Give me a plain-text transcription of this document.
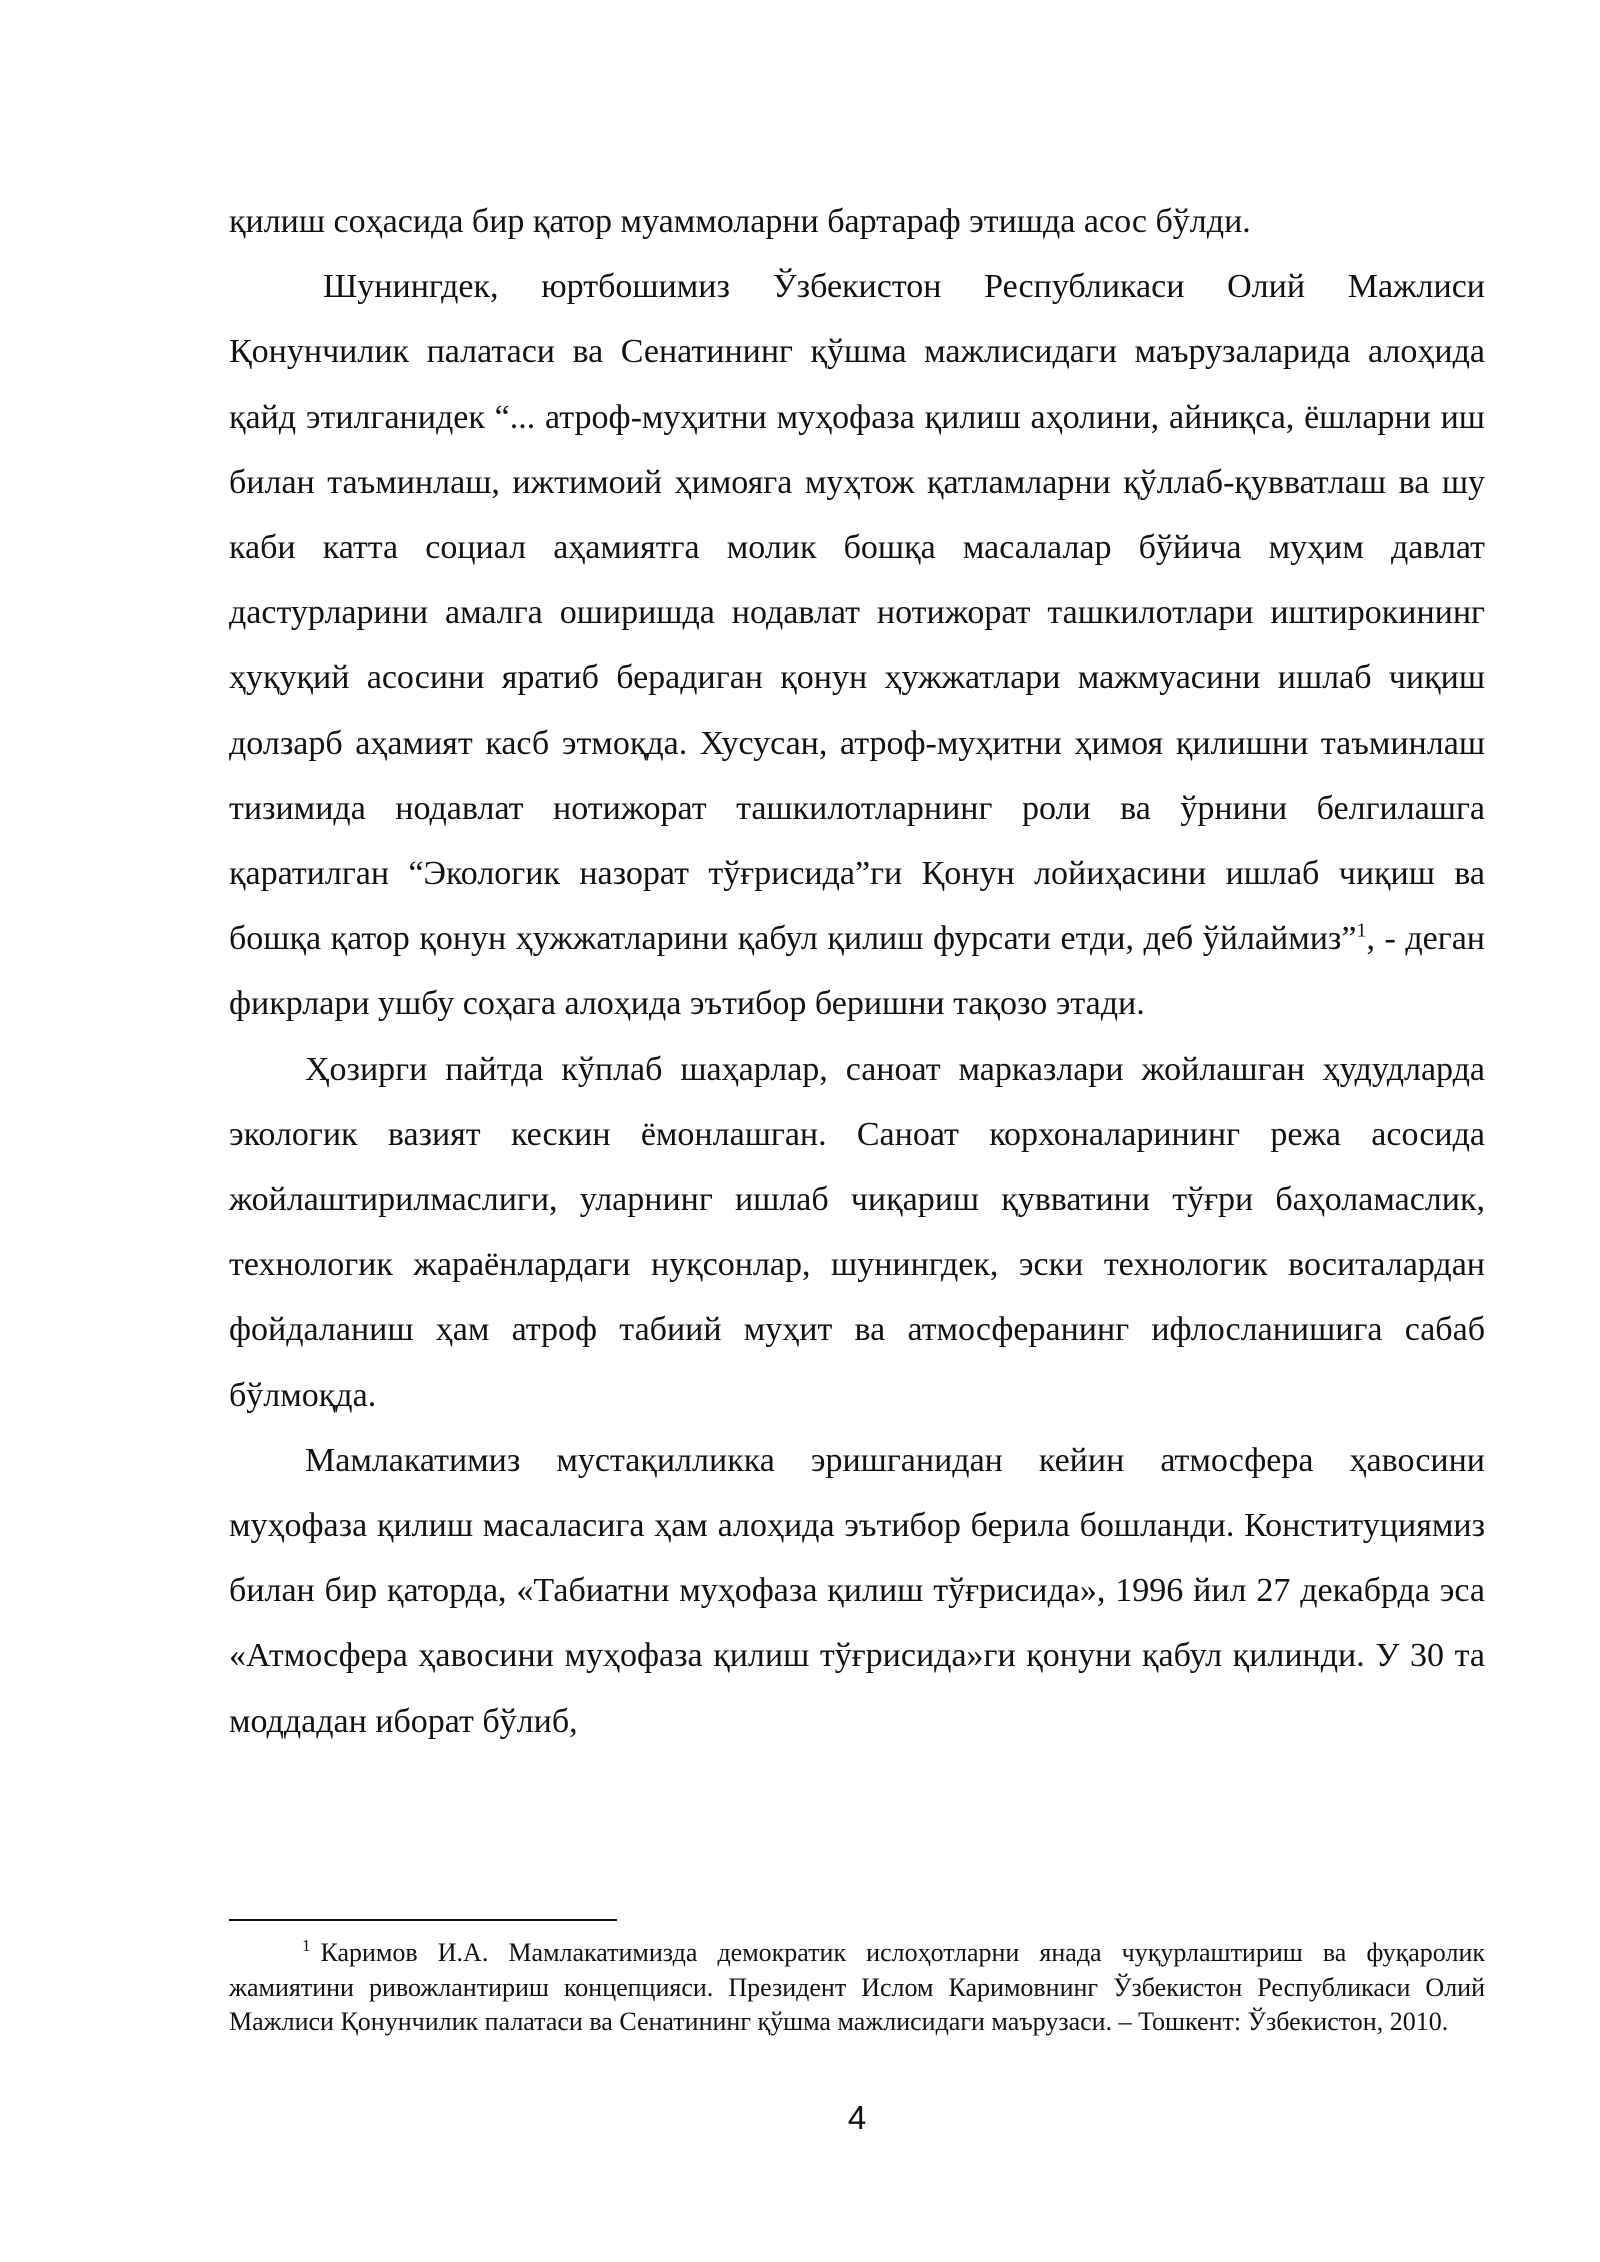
қилиш соҳасида бир қатор муаммоларни бартараф этишда асос бўлди.

Шунингдек, юртбошимиз Ўзбекистон Республикаси Олий Мажлиси Қонунчилик палатаси ва Сенатининг қўшма мажлисидаги маърузаларида алоҳида қайд этилганидек “... атроф-муҳитни муҳофаза қилиш аҳолини, айниқса, ёшларни иш билан таъминлаш, ижтимоий ҳимояга муҳтож қатламларни қўллаб-қувватлаш ва шу каби катта социал аҳамиятга молик бошқа масалалар бўйича муҳим давлат дастурларини амалга оширишда нодавлат нотижорат ташкилотлари иштирокининг ҳуқуқий асосини яратиб берадиган қонун ҳужжатлари мажмуасини ишлаб чиқиш долзарб аҳамият касб этмоқда. Хусусан, атроф-муҳитни ҳимоя қилишни таъминлаш тизимида нодавлат нотижорат ташкилотларнинг роли ва ўрнини белгилашга қаратилган “Экологик назорат тўғрисида”ги Қонун лойиҳасини ишлаб чиқиш ва бошқа қатор қонун ҳужжатларини қабул қилиш фурсати етди, деб ўйлаймиз”$^1$, - деган фикрлари ушбу соҳага алоҳида эътибор беришни тақозо этади.

Ҳозирги пайтда кўплаб шаҳарлар, саноат марказлари жойлашган ҳудудларда экологик вазият кескин ёмонлашган. Саноат корхоналарининг режа асосида жойлаштирилмаслиги, уларнинг ишлаб чиқариш қувватини тўғри баҳоламаслик, технологик жараёнлардаги нуқсонлар, шунингдек, эски технологик воситалардан фойдаланиш ҳам атроф табиий муҳит ва атмосферанинг ифлосланишига сабаб бўлмоқда.

Мамлакатимиз мустақилликка эришганидан кейин атмосфера ҳавосини муҳофаза қилиш масаласига ҳам алоҳида эътибор берила бошланди. Конституциямиз билан бир қаторда, «Табиатни муҳофаза қилиш тўғрисида», 1996 йил 27 декабрда эса «Атмосфера ҳавосини муҳофаза қилиш тўғрисида»ги қонуни қабул қилинди. У 30 та моддадан иборат бўлиб,

$^1$ Каримов И.А. Мамлакатимизда демократик ислоҳотларни янада чуқурлаштириш ва фуқаролик жамиятини ривожлантириш концепцияси. Президент Ислом Каримовнинг Ўзбекистон Республикаси Олий Мажлиси Қонунчилик палатаси ва Сенатининг қўшма мажлисидаги маърузаси. – Тошкент: Ўзбекистон, 2010.

4
